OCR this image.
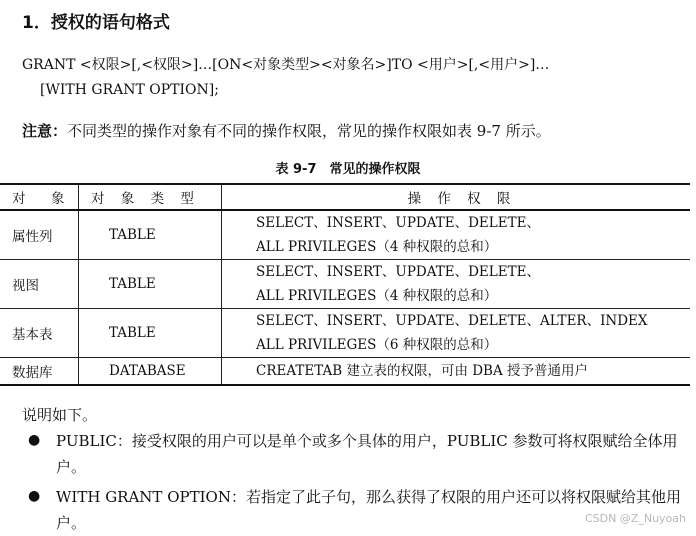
1．授权的语句格式
GRANT <权限>[,<权限>]…[ON<对象类型><对象名>]TO <用户>[,<用户>]…
[WITH GRANT OPTION];
注意：不同类型的操作对象有不同的操作权限，常见的操作权限如表 9-7 所示。
表 9-7　常见的操作权限
对　象	对 象 类 型	操 作 权 限
属性列	TABLE	SELECT、INSERT、UPDATE、DELETE、
ALL PRIVILEGES（4 种权限的总和）

视图	TABLE	SELECT、INSERT、UPDATE、DELETE、
ALL PRIVILEGES（4 种权限的总和）

基本表	TABLE	SELECT、INSERT、UPDATE、DELETE、ALTER、INDEX
ALL PRIVILEGES（6 种权限的总和）

数据库	DATABASE	CREATETAB 建立表的权限，可由 DBA 授予普通用户
说明如下。
● PUBLIC：接受权限的用户可以是单个或多个具体的用户，PUBLIC 参数可将权限赋给全体用户。
● WITH GRANT OPTION：若指定了此子句，那么获得了权限的用户还可以将权限赋给其他用户。	CSDN @Z_Nuyoah
